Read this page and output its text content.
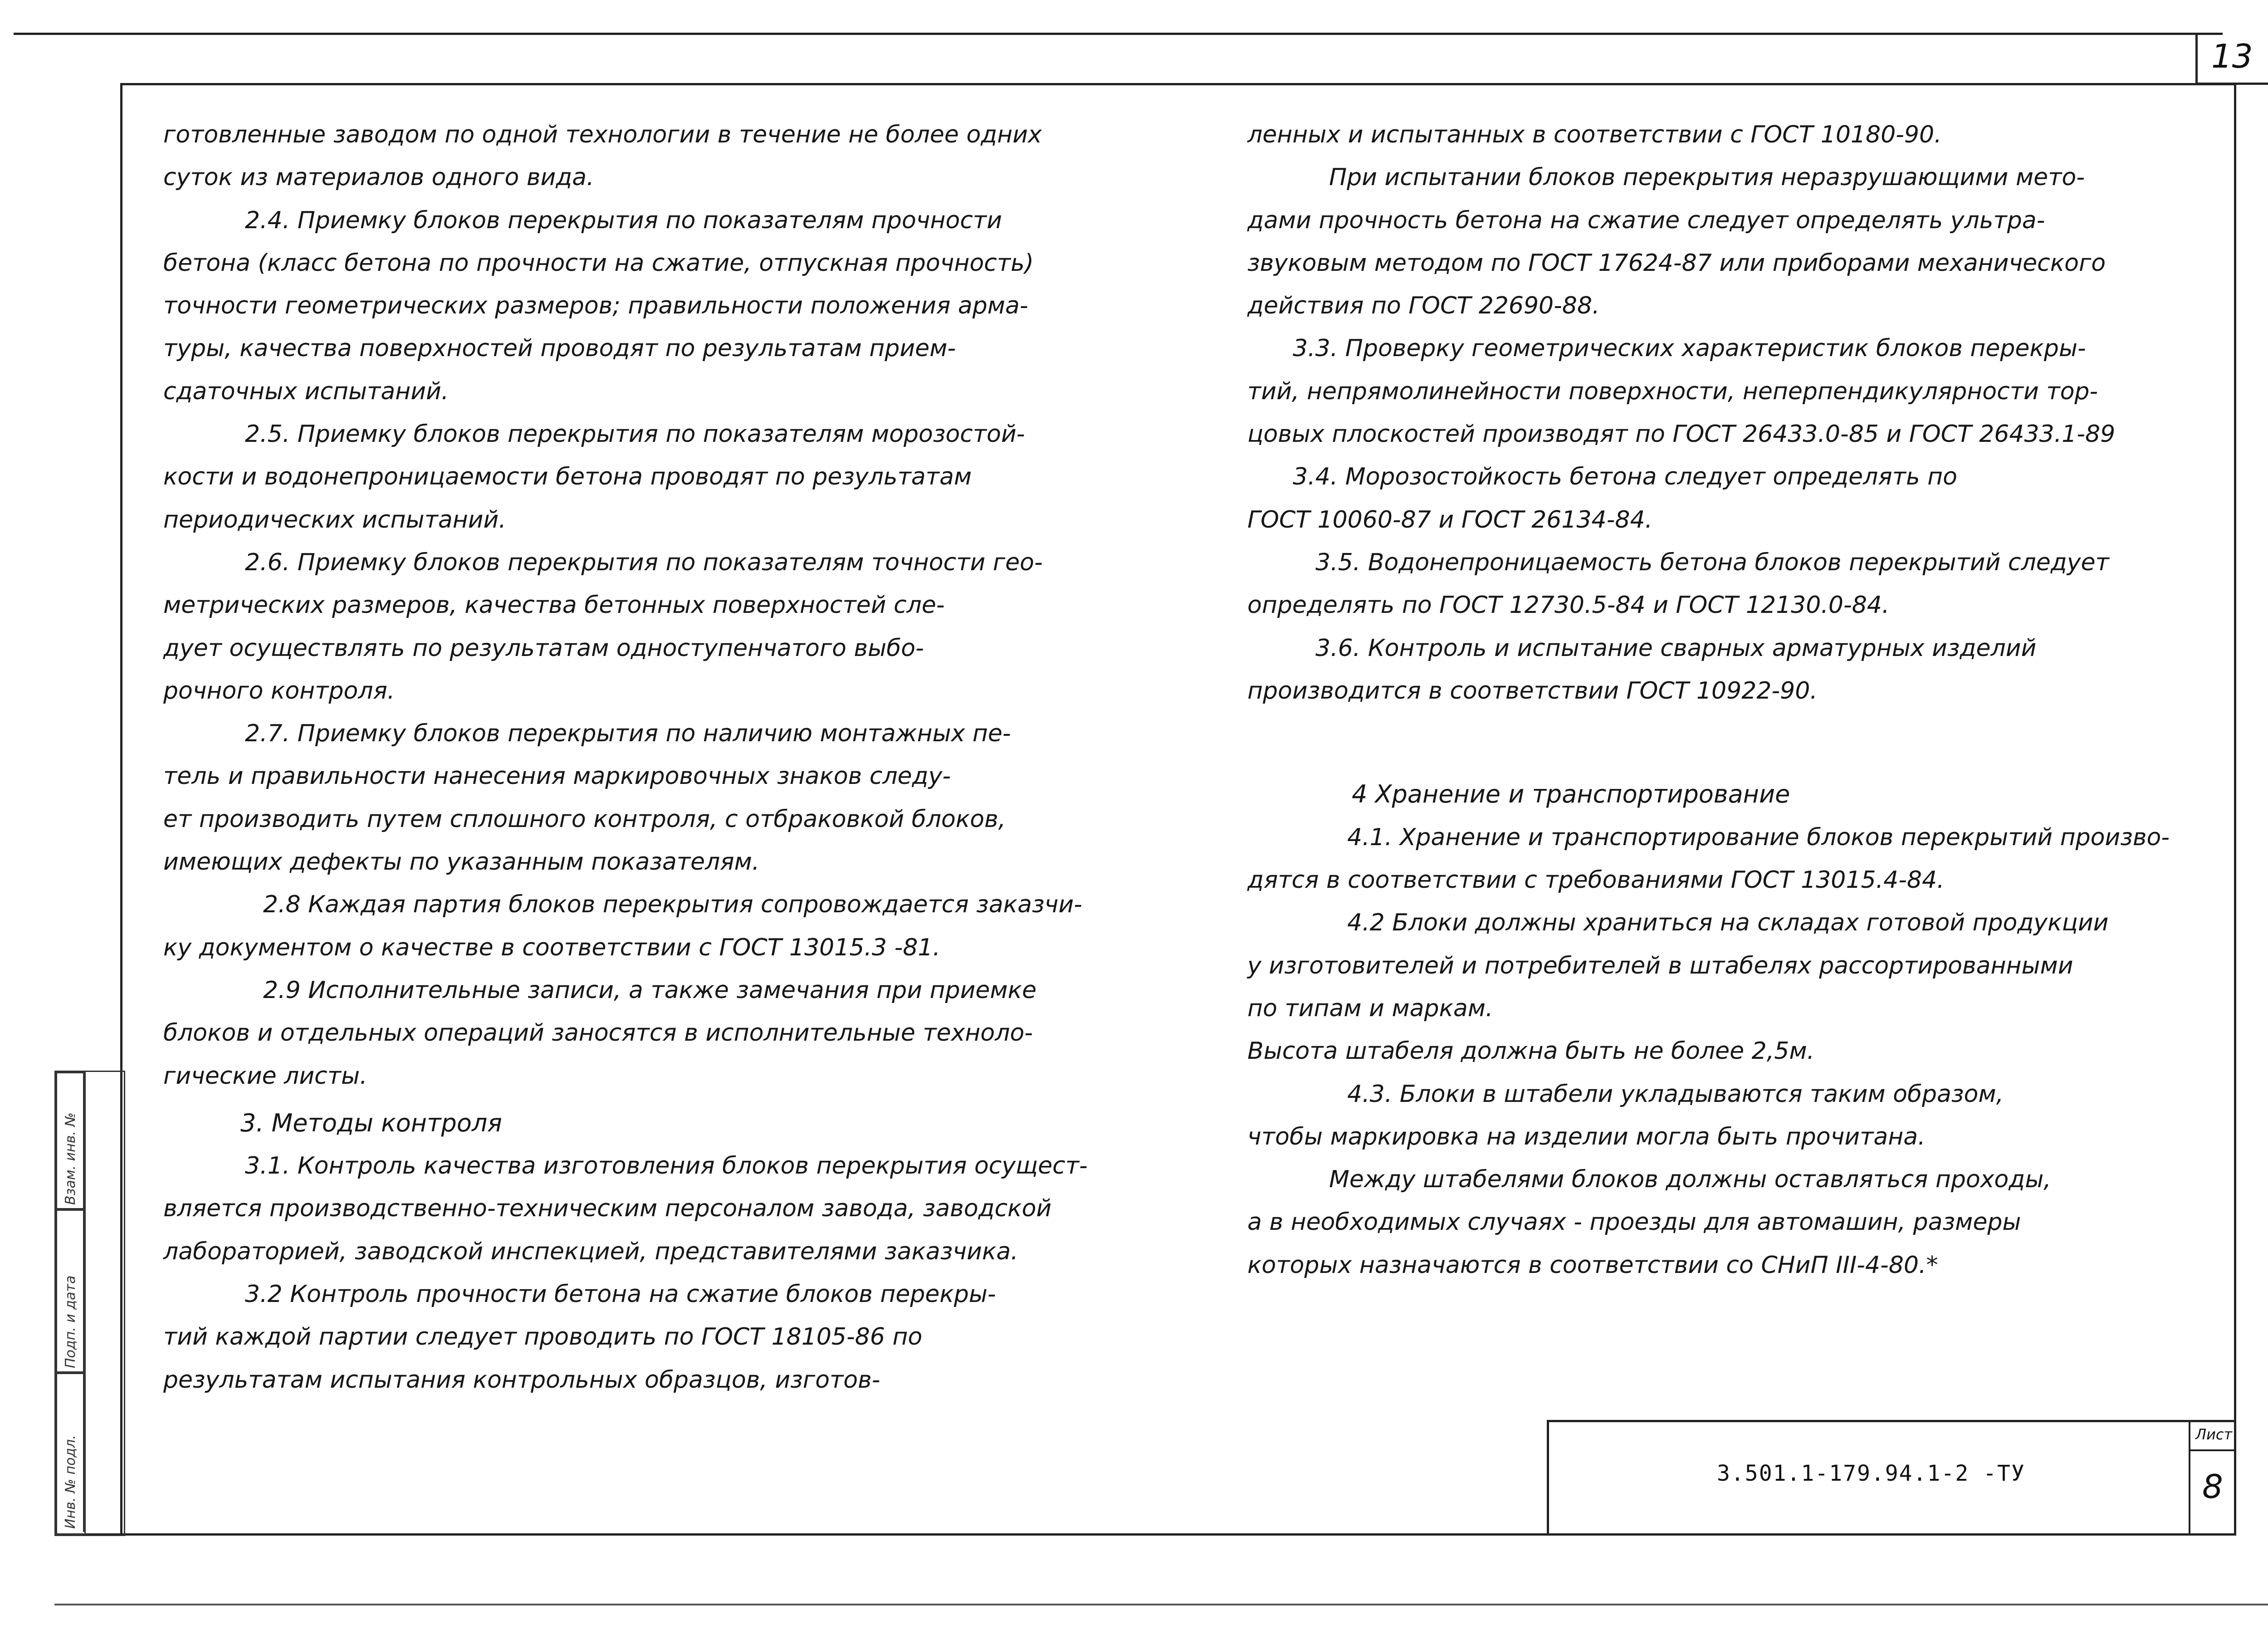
13
Взам. инв. №
Подп. и дата
Инв. № подл.

готовленные заводом по одной технологии в течение не более одних

суток из материалов одного вида.

2.4. Приемку блоков перекрытия по показателям прочности

бетона (класс бетона по прочности на сжатие, отпускная прочность)

точности геометрических размеров; правильности положения арма-

туры, качества поверхностей проводят по результатам прием-

сдаточных испытаний.

2.5. Приемку блоков перекрытия по показателям морозостой-

кости и водонепроницаемости бетона проводят по результатам

периодических испытаний.

2.6. Приемку блоков перекрытия по показателям точности гео-

метрических размеров, качества бетонных поверхностей сле-

дует осуществлять по результатам одноступенчатого выбо-

рочного контроля.

2.7. Приемку блоков перекрытия по наличию монтажных пе-

тель и правильности нанесения маркировочных знаков следу-

ет производить путем сплошного контроля, с отбраковкой блоков,

имеющих дефекты по указанным показателям.

2.8 Каждая партия блоков перекрытия сопровождается заказчи-

ку документом о качестве в соответствии с ГОСТ 13015.3 -81.

2.9 Исполнительные записи, а также замечания при приемке

блоков и отдельных операций заносятся в исполнительные техноло-

гические листы.

3. Методы контроля

3.1. Контроль качества изготовления блоков перекрытия осущест-

вляется производственно-техническим персоналом завода, заводской

лабораторией, заводской инспекцией, представителями заказчика.

3.2 Контроль прочности бетона на сжатие блоков перекры-

тий каждой партии следует проводить по ГОСТ 18105-86 по

результатам испытания контрольных образцов, изготов-

ленных и испытанных в соответствии с ГОСТ 10180-90.

При испытании блоков перекрытия неразрушающими мето-

дами прочность бетона на сжатие следует определять ультра-

звуковым методом по ГОСТ 17624-87 или приборами механического

действия по ГОСТ 22690-88.

3.3. Проверку геометрических характеристик блоков перекры-

тий, непрямолинейности поверхности, неперпендикулярности тор-

цовых плоскостей производят по ГОСТ 26433.0-85 и ГОСТ 26433.1-89

3.4. Морозостойкость бетона следует определять по

ГОСТ 10060-87 и ГОСТ 26134-84.

3.5. Водонепроницаемость бетона блоков перекрытий следует

определять по ГОСТ 12730.5-84 и ГОСТ 12130.0-84.

3.6. Контроль и испытание сварных арматурных изделий

производится в соответствии ГОСТ 10922-90.

4 Хранение и транспортирование

4.1. Хранение и транспортирование блоков перекрытий произво-

дятся в соответствии с требованиями ГОСТ 13015.4-84.

4.2 Блоки должны храниться на складах готовой продукции

у изготовителей и потребителей в штабелях рассортированными

по типам и маркам.

Высота штабеля должна быть не более 2,5м.

4.3. Блоки в штабели укладываются таким образом,

чтобы маркировка на изделии могла быть прочитана.

Между штабелями блоков должны оставляться проходы,

а в необходимых случаях - проезды для автомашин, размеры

которых назначаются в соответствии со СНиП III-4-80.*

3.501.1-179.94.1-2 -ТУ
Лист
8
